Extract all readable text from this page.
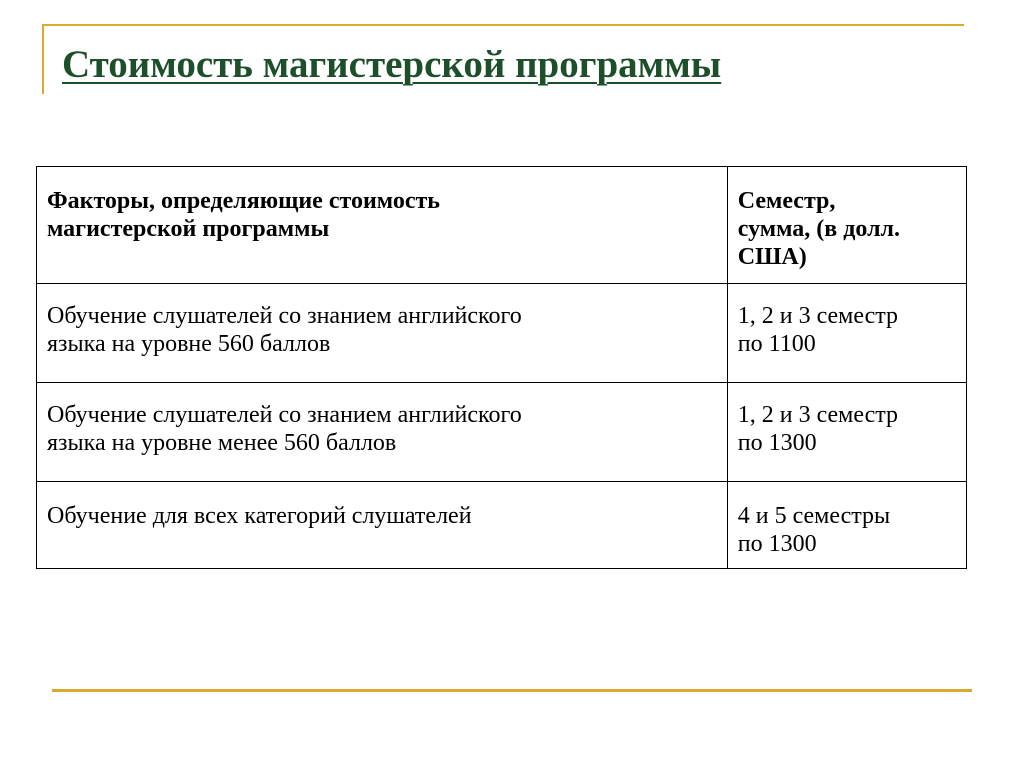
Стоимость магистерской программы
Факторы, определяющие стоимость
магистерской программы	Семестр,
сумма, (в долл.
США)

Обучение слушателей со знанием английского
языка на уровне 560 баллов	1, 2 и 3 семестр
по 1100

Обучение слушателей со знанием английского
языка на уровне менее 560 баллов	1, 2 и 3 семестр
по 1300

Обучение для всех категорий слушателей	4 и 5 семестры
по 1300
